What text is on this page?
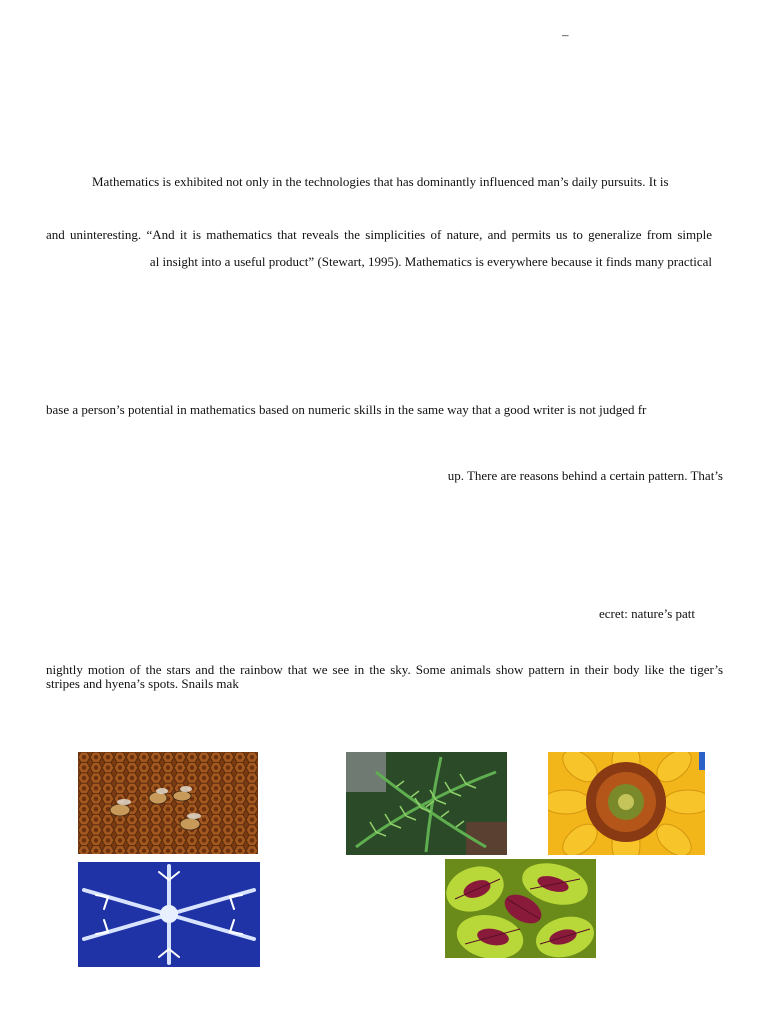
–
Mathematics is exhibited not only in the technologies that has dominantly influenced man’s daily pursuits. It is
and uninteresting. “And it is mathematics that reveals the simplicities of nature, and permits us to generalize from simple
al insight into a useful product” (Stewart, 1995). Mathematics is everywhere because it finds many practical
base a person’s potential in mathematics based on numeric skills in the same way that a good writer is not judged fr
up. There are reasons behind a certain pattern. That’s
ecret: nature’s patt
nightly motion of the stars and the rainbow that we see in the sky. Some animals show pattern in their body like the tiger’s
stripes and hyena’s spots. Snails mak
